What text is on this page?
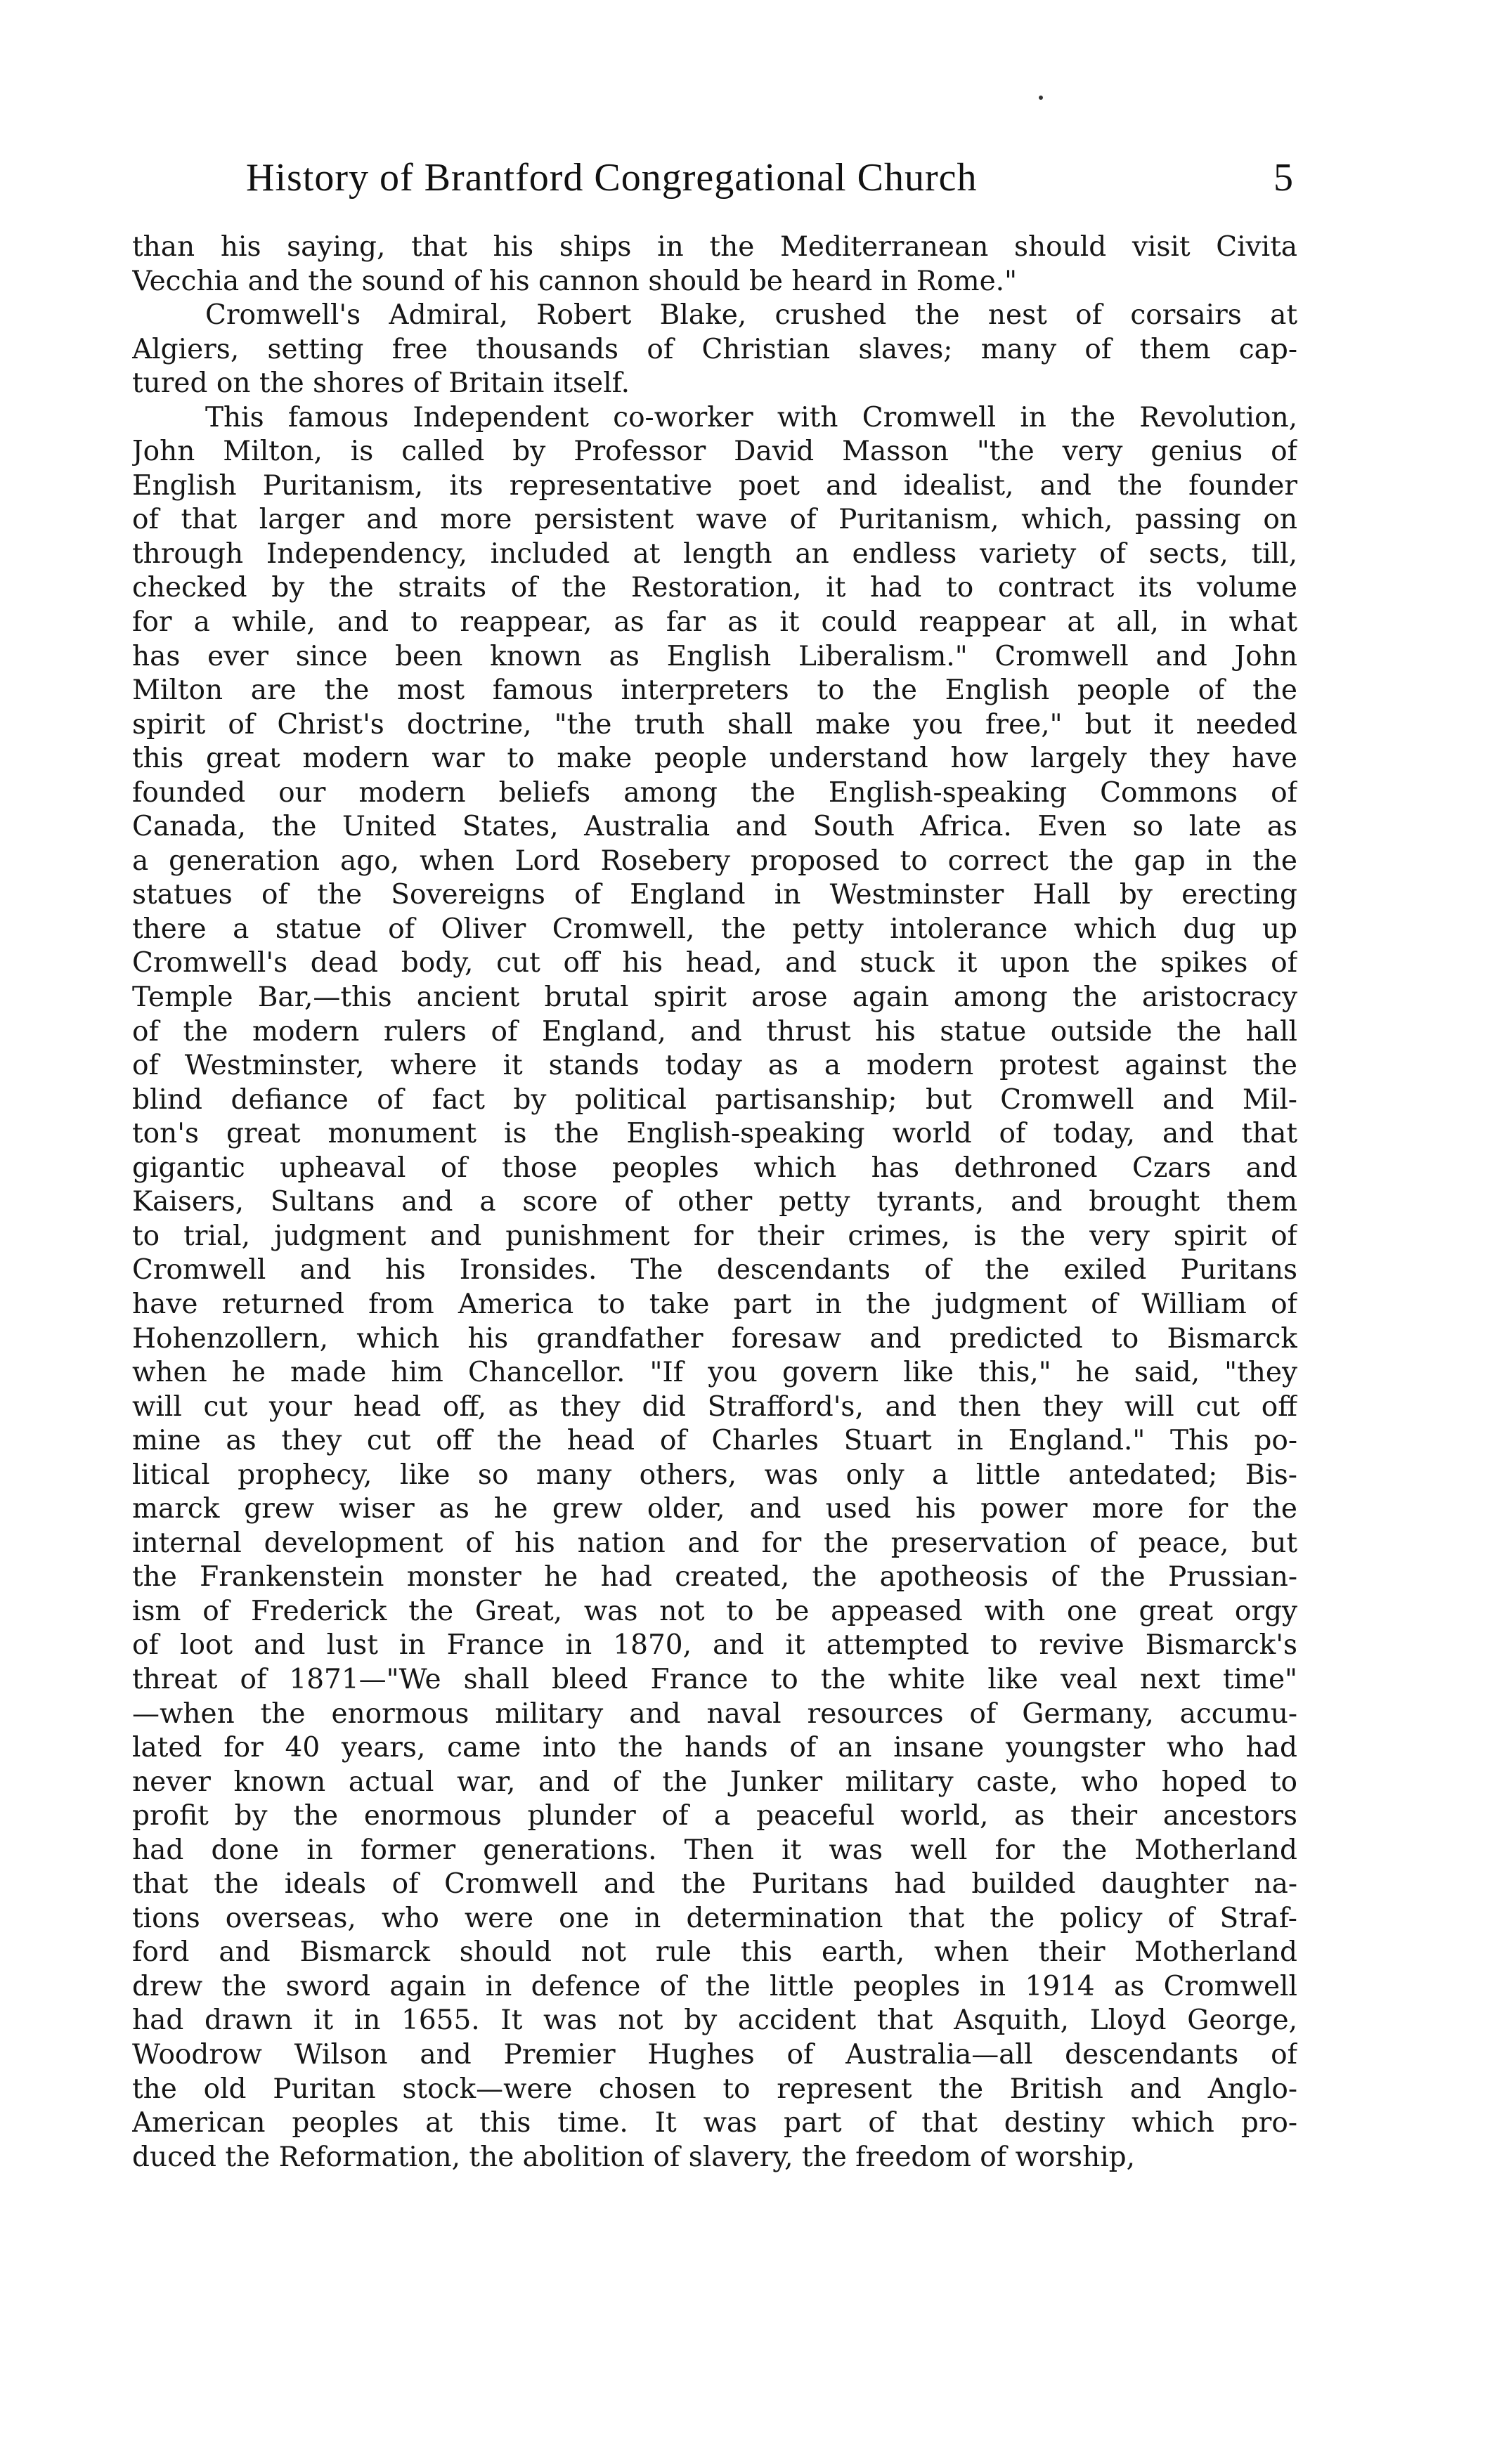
History of Brantford Congregational Church	5
than his saying, that his ships in the Mediterranean should visit Civita
Vecchia and the sound of his cannon should be heard in Rome."
Cromwell's Admiral, Robert Blake, crushed the nest of corsairs at
Algiers, setting free thousands of Christian slaves; many of them cap-
tured on the shores of Britain itself.
This famous Independent co-worker with Cromwell in the Revolution,
John Milton, is called by Professor David Masson "the very genius of
English Puritanism, its representative poet and idealist, and the founder
of that larger and more persistent wave of Puritanism, which, passing on
through Independency, included at length an endless variety of sects, till,
checked by the straits of the Restoration, it had to contract its volume
for a while, and to reappear, as far as it could reappear at all, in what
has ever since been known as English Liberalism." Cromwell and John
Milton are the most famous interpreters to the English people of the
spirit of Christ's doctrine, "the truth shall make you free," but it needed
this great modern war to make people understand how largely they have
founded our modern beliefs among the English-speaking Commons of
Canada, the United States, Australia and South Africa. Even so late as
a generation ago, when Lord Rosebery proposed to correct the gap in the
statues of the Sovereigns of England in Westminster Hall by erecting
there a statue of Oliver Cromwell, the petty intolerance which dug up
Cromwell's dead body, cut off his head, and stuck it upon the spikes of
Temple Bar,—this ancient brutal spirit arose again among the aristocracy
of the modern rulers of England, and thrust his statue outside the hall
of Westminster, where it stands today as a modern protest against the
blind defiance of fact by political partisanship; but Cromwell and Mil-
ton's great monument is the English-speaking world of today, and that
gigantic upheaval of those peoples which has dethroned Czars and
Kaisers, Sultans and a score of other petty tyrants, and brought them
to trial, judgment and punishment for their crimes, is the very spirit of
Cromwell and his Ironsides. The descendants of the exiled Puritans
have returned from America to take part in the judgment of William of
Hohenzollern, which his grandfather foresaw and predicted to Bismarck
when he made him Chancellor. "If you govern like this," he said, "they
will cut your head off, as they did Strafford's, and then they will cut off
mine as they cut off the head of Charles Stuart in England." This po-
litical prophecy, like so many others, was only a little antedated; Bis-
marck grew wiser as he grew older, and used his power more for the
internal development of his nation and for the preservation of peace, but
the Frankenstein monster he had created, the apotheosis of the Prussian-
ism of Frederick the Great, was not to be appeased with one great orgy
of loot and lust in France in 1870, and it attempted to revive Bismarck's
threat of 1871—"We shall bleed France to the white like veal next time"
—when the enormous military and naval resources of Germany, accumu-
lated for 40 years, came into the hands of an insane youngster who had
never known actual war, and of the Junker military caste, who hoped to
profit by the enormous plunder of a peaceful world, as their ancestors
had done in former generations. Then it was well for the Motherland
that the ideals of Cromwell and the Puritans had builded daughter na-
tions overseas, who were one in determination that the policy of Straf-
ford and Bismarck should not rule this earth, when their Motherland
drew the sword again in defence of the little peoples in 1914 as Cromwell
had drawn it in 1655. It was not by accident that Asquith, Lloyd George,
Woodrow Wilson and Premier Hughes of Australia—all descendants of
the old Puritan stock—were chosen to represent the British and Anglo-
American peoples at this time. It was part of that destiny which pro-
duced the Reformation, the abolition of slavery, the freedom of worship,
